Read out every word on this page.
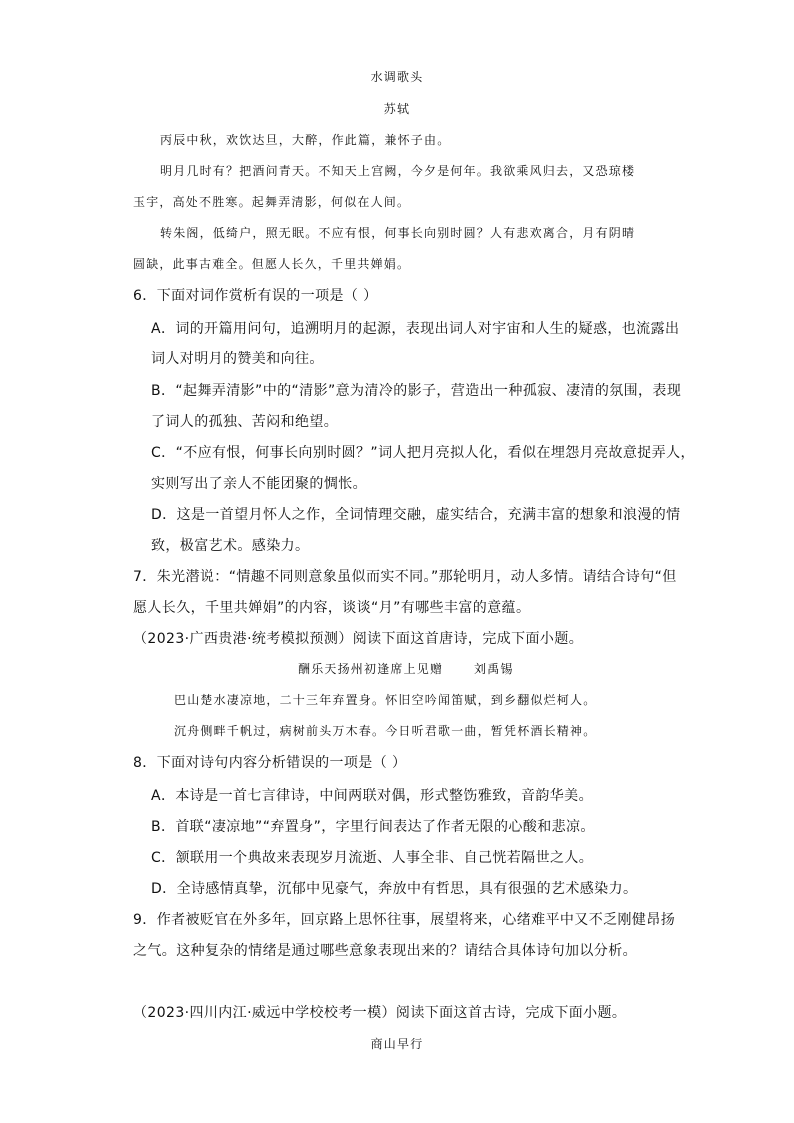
水调歌头
苏轼
丙辰中秋，欢饮达旦，大醉，作此篇，兼怀子由。
明月几时有？把酒问青天。不知天上宫阙，今夕是何年。我欲乘风归去，又恐琼楼
玉宇，高处不胜寒。起舞弄清影，何似在人间。
转朱阁，低绮户，照无眠。不应有恨，何事长向别时圆？人有悲欢离合，月有阴晴
圆缺，此事古难全。但愿人长久，千里共婵娟。
6．下面对词作赏析有误的一项是（ ）
A．词的开篇用问句，追溯明月的起源，表现出词人对宇宙和人生的疑惑，也流露出
词人对明月的赞美和向往。
B．“起舞弄清影”中的“清影”意为清冷的影子，营造出一种孤寂、凄清的氛围，表现
了词人的孤独、苦闷和绝望。
C．“不应有恨，何事长向别时圆？”词人把月亮拟人化，看似在埋怨月亮故意捉弄人，
实则写出了亲人不能团聚的惆怅。
D．这是一首望月怀人之作，全词情理交融，虚实结合，充满丰富的想象和浪漫的情
致，极富艺术。感染力。
7．朱光潜说：“情趣不同则意象虽似而实不同。”那轮明月，动人多情。请结合诗句“但
愿人长久，千里共婵娟”的内容，谈谈“月”有哪些丰富的意蕴。
（2023·广西贵港·统考模拟预测）阅读下面这首唐诗，完成下面小题。
酬乐天扬州初逢席上见赠	刘禹锡
巴山楚水凄凉地，二十三年弃置身。怀旧空吟闻笛赋，到乡翻似烂柯人。
沉舟侧畔千帆过，病树前头万木春。今日听君歌一曲，暂凭杯酒长精神。
8．下面对诗句内容分析错误的一项是（ ）
A．本诗是一首七言律诗，中间两联对偶，形式整饬雅致，音韵华美。
B．首联“凄凉地”“弃置身”，字里行间表达了作者无限的心酸和悲凉。
C．颔联用一个典故来表现岁月流逝、人事全非、自己恍若隔世之人。
D．全诗感情真挚，沉郁中见豪气，奔放中有哲思，具有很强的艺术感染力。
9．作者被贬官在外多年，回京路上思怀往事，展望将来，心绪难平中又不乏刚健昂扬
之气。这种复杂的情绪是通过哪些意象表现出来的？请结合具体诗句加以分析。
（2023·四川内江·威远中学校校考一模）阅读下面这首古诗，完成下面小题。
商山早行
